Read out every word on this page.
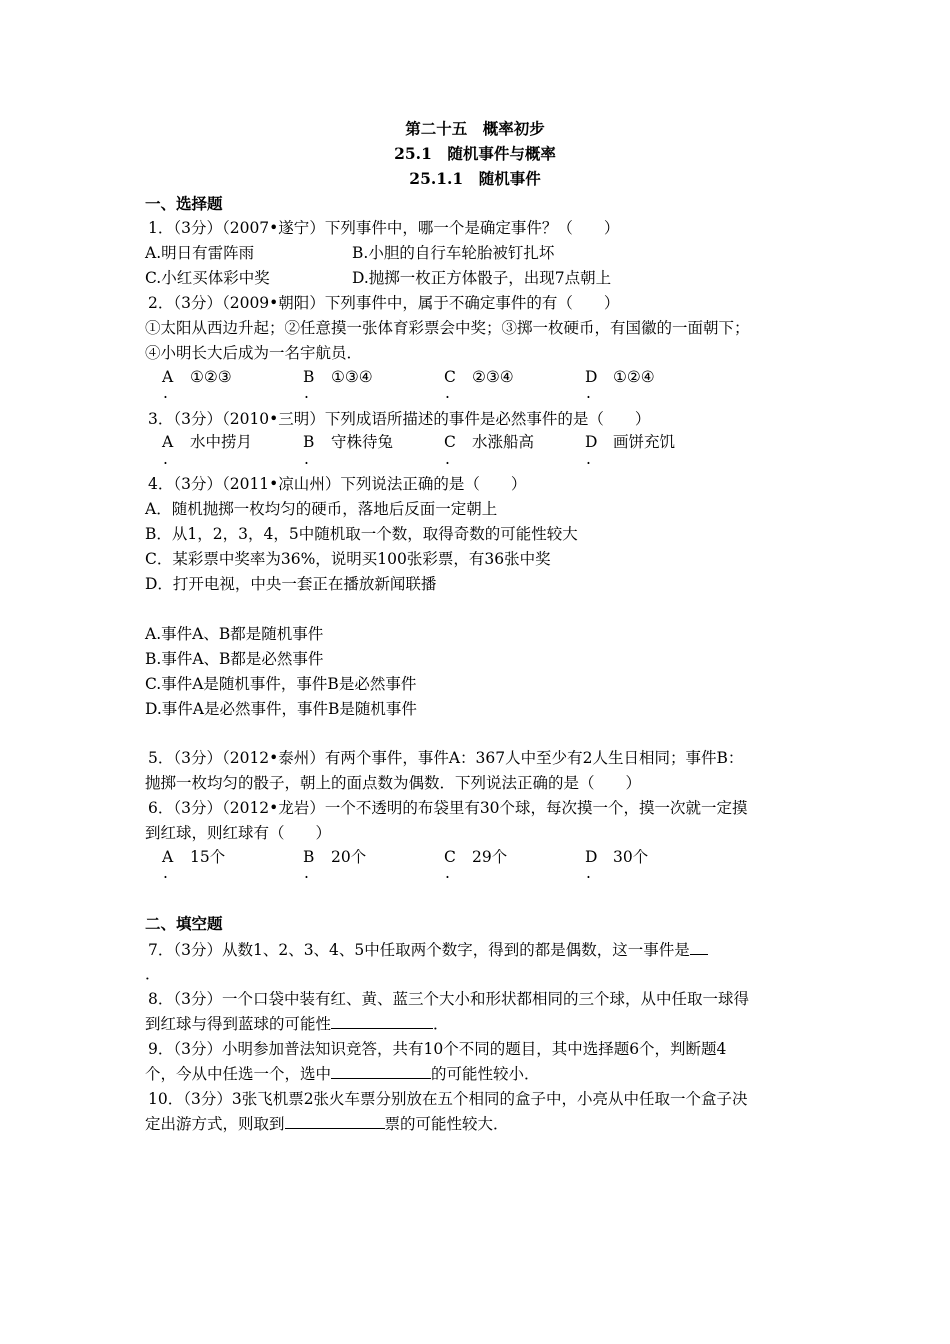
第二十五　概率初步
25.1　随机事件与概率
25.1.1　随机事件
一、选择题
1．（3分）（2007•遂宁）下列事件中，哪一个是确定事件？（　　）
A.明日有雷阵雨	B.小胆的自行车轮胎被钉扎坏
C.小红买体彩中奖	D.抛掷一枚正方体骰子，出现7点朝上
2．（3分）（2009•朝阳）下列事件中，属于不确定事件的有（　　）
①太阳从西边升起；②任意摸一张体育彩票会中奖；③掷一枚硬币，有国徽的一面朝下；
④小明长大后成为一名宇航员．
A ①②③
.
B ①③④
.
C ②③④
.
D ①②④
.
3．（3分）（2010•三明）下列成语所描述的事件是必然事件的是（　　）
A 水中捞月
.
B 守株待兔
.
C 水涨船高
.
D 画饼充饥
.
4．（3分）（2011•凉山州）下列说法正确的是（　　）
A．随机抛掷一枚均匀的硬币，落地后反面一定朝上
B．从1，2，3，4，5中随机取一个数，取得奇数的可能性较大
C．某彩票中奖率为36%，说明买100张彩票，有36张中奖
D．打开电视，中央一套正在播放新闻联播
A.事件A、B都是随机事件
B.事件A、B都是必然事件
C.事件A是随机事件，事件B是必然事件
D.事件A是必然事件，事件B是随机事件
5．（3分）（2012•泰州）有两个事件，事件A：367人中至少有2人生日相同；事件B：
抛掷一枚均匀的骰子，朝上的面点数为偶数．下列说法正确的是（　　）
6．（3分）（2012•龙岩）一个不透明的布袋里有30个球，每次摸一个，摸一次就一定摸
到红球，则红球有（　　）
A 15个
.
B 20个
.
C 29个
.
D 30个
.
二、填空题
7．（3分）从数1、2、3、4、5中任取两个数字，得到的都是偶数，这一事件是
．
8．（3分）一个口袋中装有红、黄、蓝三个大小和形状都相同的三个球，从中任取一球得
到红球与得到蓝球的可能性	．
9．（3分）小明参加普法知识竞答，共有10个不同的题目，其中选择题6个，判断题4
个，今从中任选一个，选中	的可能性较小．
10．（3分）3张飞机票2张火车票分别放在五个相同的盒子中，小亮从中任取一个盒子决
定出游方式，则取到	票的可能性较大．
